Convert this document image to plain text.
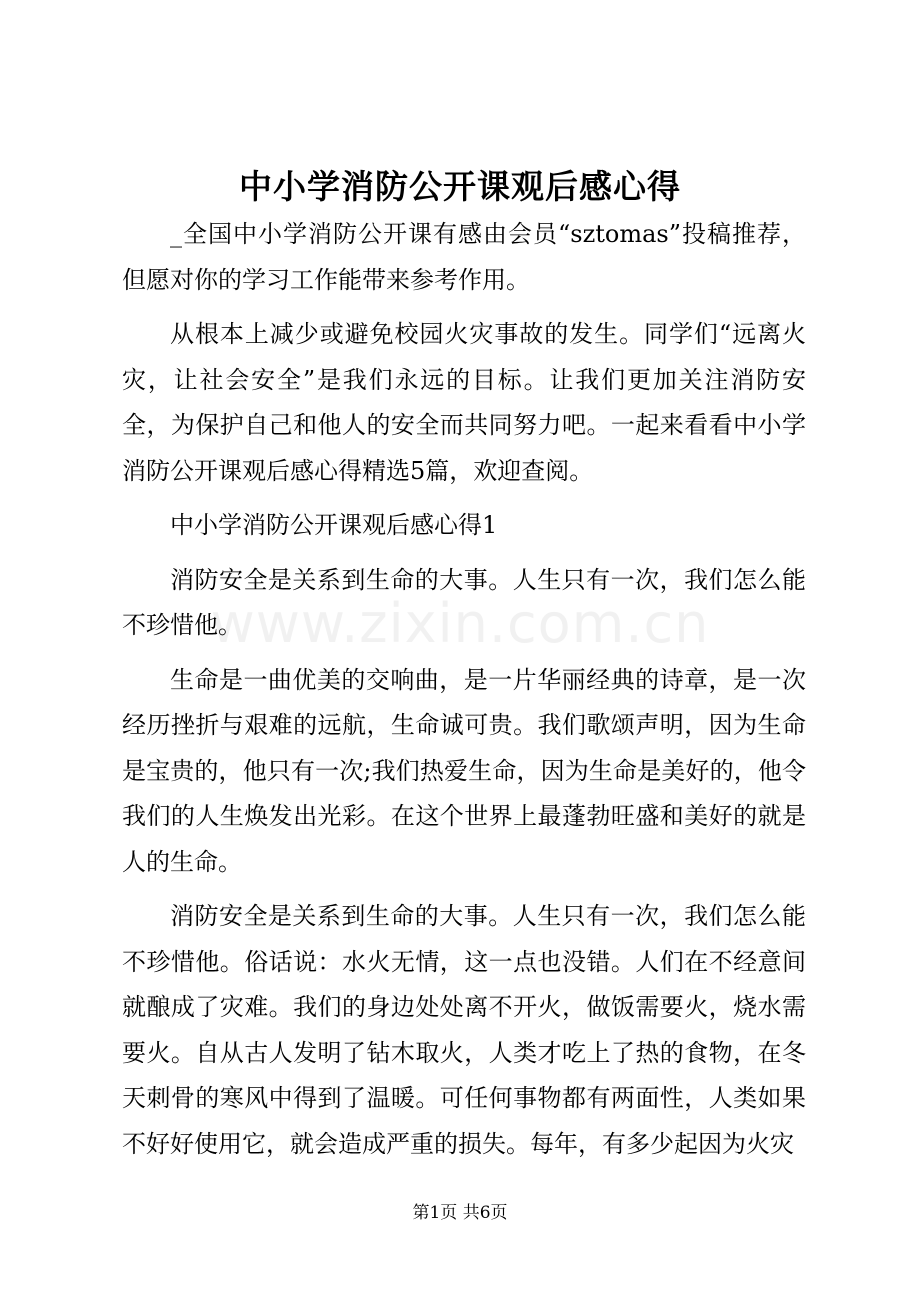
中小学消防公开课观后感心得
www.zixin.com.cn

_全国中小学消防公开课有感由会员“sztomas”投稿推荐，但愿对你的学习工作能带来参考作用。

从根本上减少或避免校园火灾事故的发生。同学们“远离火灾，让社会安全”是我们永远的目标。让我们更加关注消防安全，为保护自己和他人的安全而共同努力吧。一起来看看中小学消防公开课观后感心得精选5篇，欢迎查阅。

中小学消防公开课观后感心得1

消防安全是关系到生命的大事。人生只有一次，我们怎么能不珍惜他。

生命是一曲优美的交响曲，是一片华丽经典的诗章，是一次经历挫折与艰难的远航，生命诚可贵。我们歌颂声明，因为生命是宝贵的，他只有一次;我们热爱生命，因为生命是美好的，他令我们的人生焕发出光彩。在这个世界上最蓬勃旺盛和美好的就是人的生命。

消防安全是关系到生命的大事。人生只有一次，我们怎么能不珍惜他。俗话说：水火无情，这一点也没错。人们在不经意间就酿成了灾难。我们的身边处处离不开火，做饭需要火，烧水需要火。自从古人发明了钻木取火，人类才吃上了热的食物，在冬天刺骨的寒风中得到了温暖。可任何事物都有两面性，人类如果不好好使用它，就会造成严重的损失。每年，有多少起因为火灾

第1页 共6页
